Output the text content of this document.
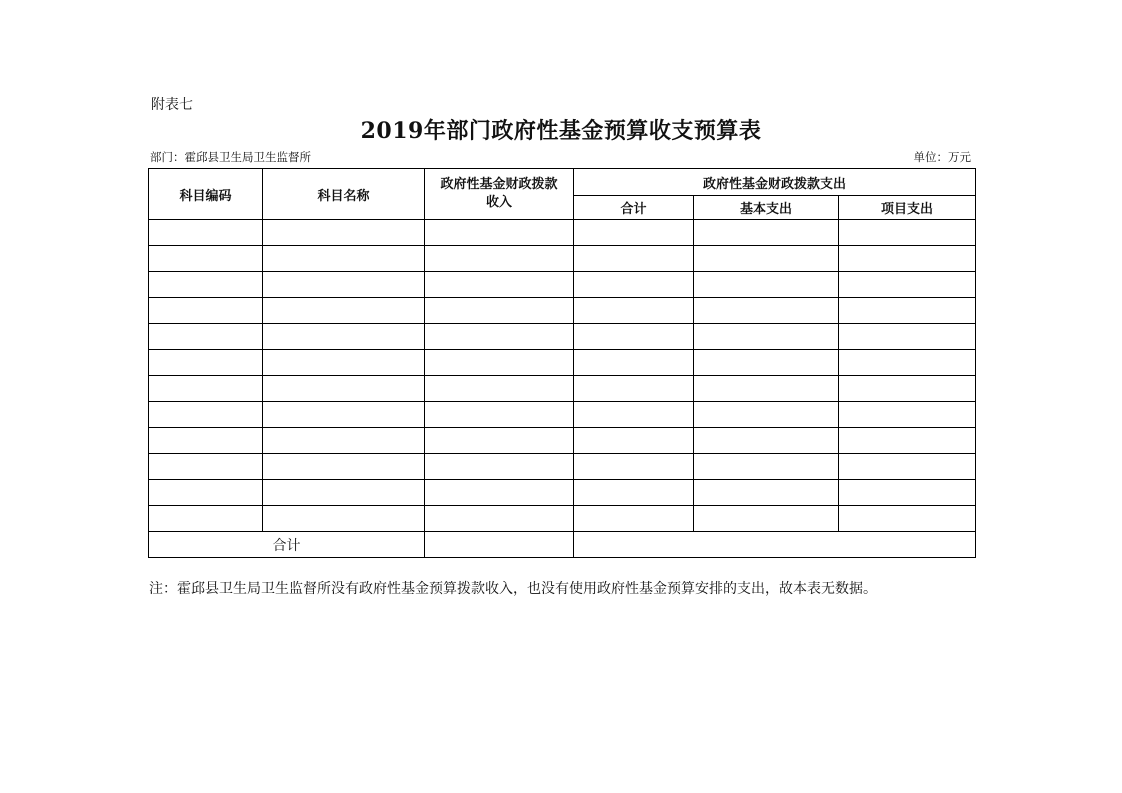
附表七
2019年部门政府性基金预算收支预算表
部门：霍邱县卫生局卫生监督所	单位：万元
科目编码	科目名称	政府性基金财政拨款收入	政府性基金财政拨款支出		
			合计	基本支出	项目支出

合计					
注：霍邱县卫生局卫生监督所没有政府性基金预算拨款收入，也没有使用政府性基金预算安排的支出，故本表无数据。
